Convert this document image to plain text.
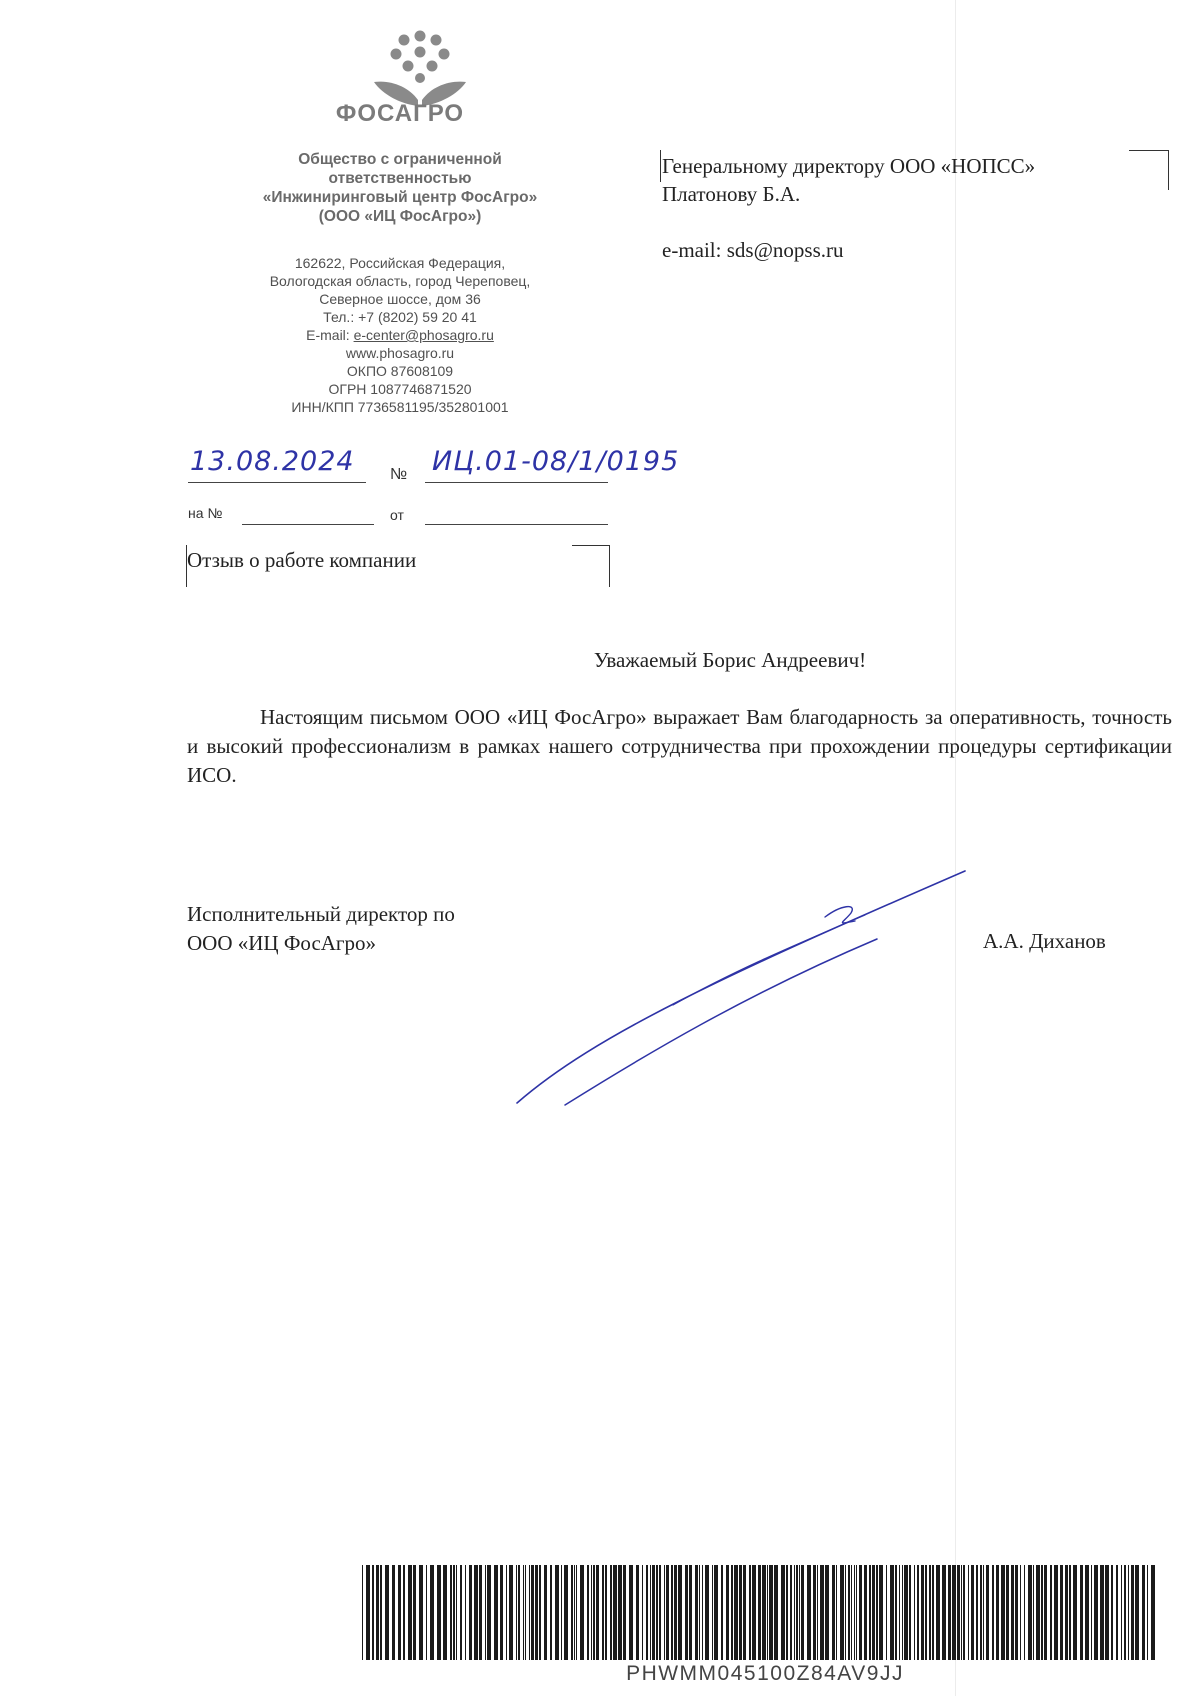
ФОСАГРО
Общество с ограниченной
ответственностью
«Инжиниринговый центр ФосАгро»
(ООО «ИЦ ФосАгро»)
162622, Российская Федерация,
Вологодская область, город Череповец,
Северное шоссе, дом 36
Тел.: +7 (8202) 59 20 41
E-mail: e-center@phosagro.ru
www.phosagro.ru
ОКПО 87608109
ОГРН 1087746871520
ИНН/КПП 7736581195/352801001
Генеральному директору ООО «НОПСС»
Платонову Б.А.
e-mail: sds@nopss.ru
13.08.2024 № ИЦ.01-08/1/0195
на №	от
Отзыв о работе компании
Уважаемый Борис Андреевич!
Настоящим письмом ООО «ИЦ ФосАгро» выражает Вам благодарность за оперативность, точность и высокий профессионализм в рамках нашего сотрудничества при прохождении процедуры сертификации ИСО.
Исполнительный директор по
ООО «ИЦ ФосАгро»	А.А. Диханов
PHWMM045100Z84AV9JJ
